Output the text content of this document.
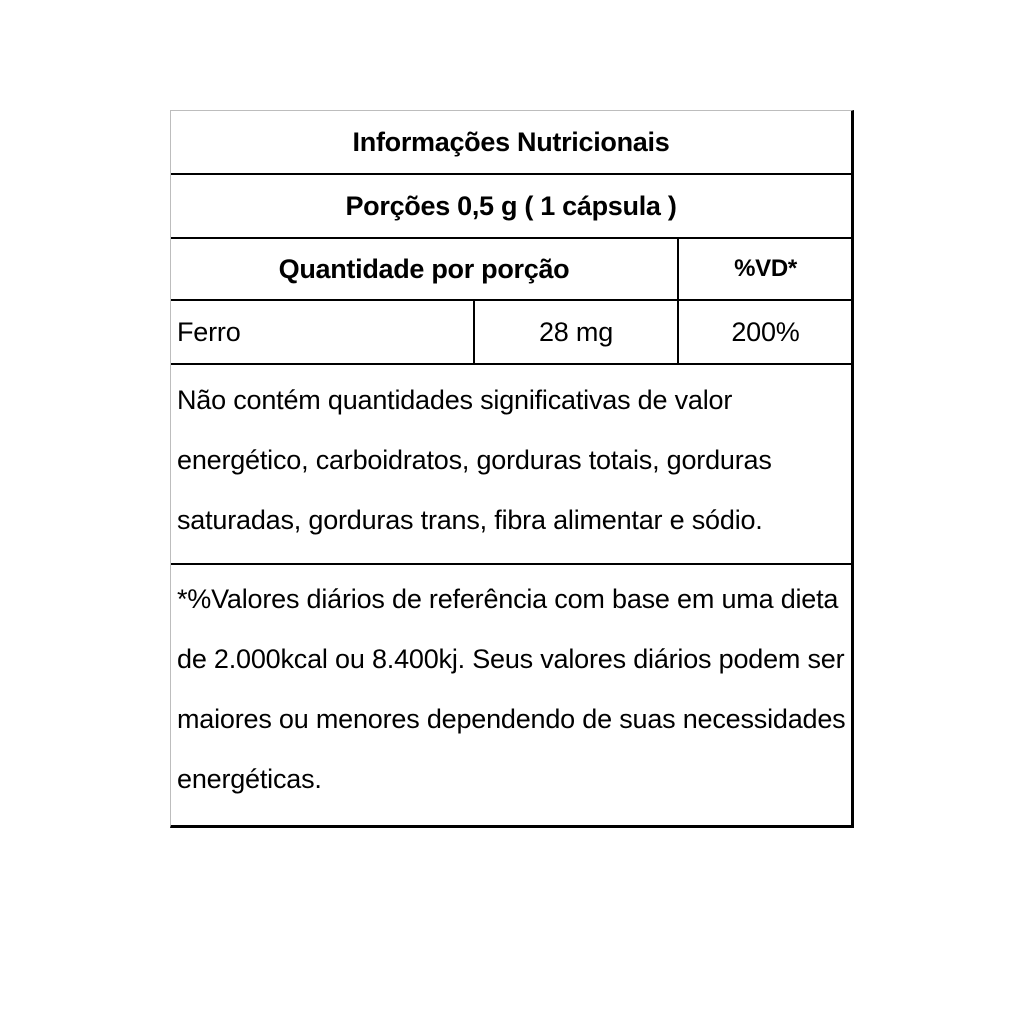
Informações Nutricionais
Porções 0,5 g ( 1 cápsula )
Quantidade por porção	%VD*
Ferro	28 mg	200%
Não contém quantidades significativas de valor energético, carboidratos, gorduras totais, gorduras saturadas, gorduras trans, fibra alimentar e sódio.
*%Valores diários de referência com base em uma dieta de 2.000kcal ou 8.400kj. Seus valores diários podem ser maiores ou menores dependendo de suas necessidades energéticas.
